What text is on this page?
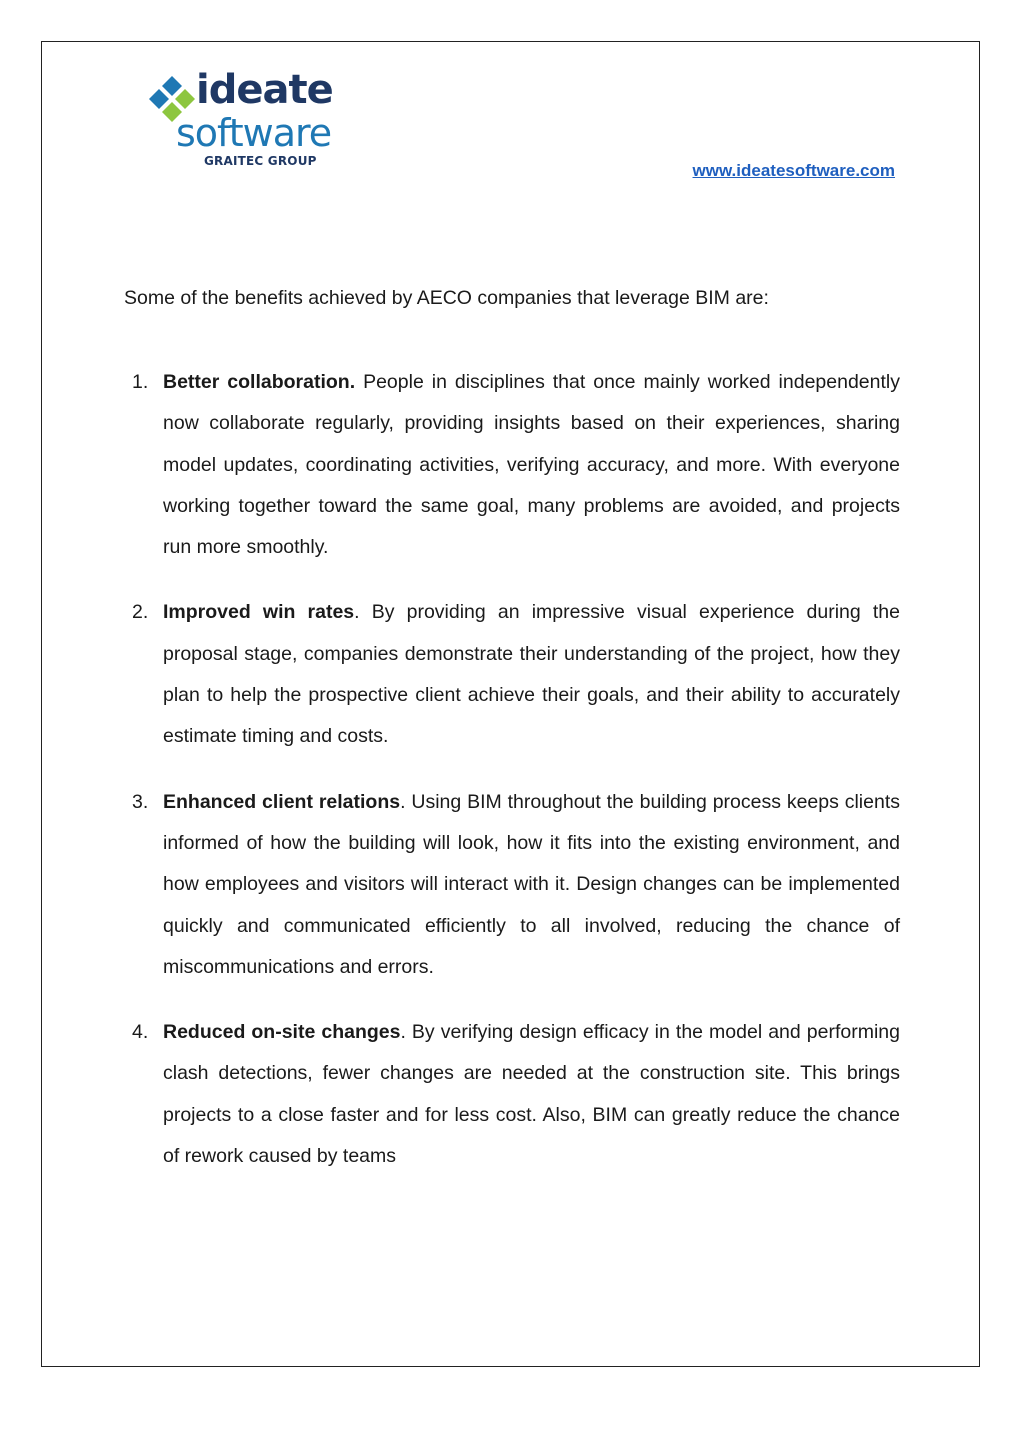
ideate
software
GRAITEC GROUP	www.ideatesoftware.com
Some of the benefits achieved by AECO companies that leverage BIM are:
1. Better collaboration. People in disciplines that once mainly worked independently now collaborate regularly, providing insights based on their experiences, sharing model updates, coordinating activities, verifying accuracy, and more. With everyone working together toward the same goal, many problems are avoided, and projects run more smoothly.
2. Improved win rates. By providing an impressive visual experience during the proposal stage, companies demonstrate their understanding of the project, how they plan to help the prospective client achieve their goals, and their ability to accurately estimate timing and costs.
3. Enhanced client relations. Using BIM throughout the building process keeps clients informed of how the building will look, how it fits into the existing environment, and how employees and visitors will interact with it. Design changes can be implemented quickly and communicated efficiently to all involved, reducing the chance of miscommunications and errors.
4. Reduced on-site changes. By verifying design efficacy in the model and performing clash detections, fewer changes are needed at the construction site. This brings projects to a close faster and for less cost. Also, BIM can greatly reduce the chance of rework caused by teams
